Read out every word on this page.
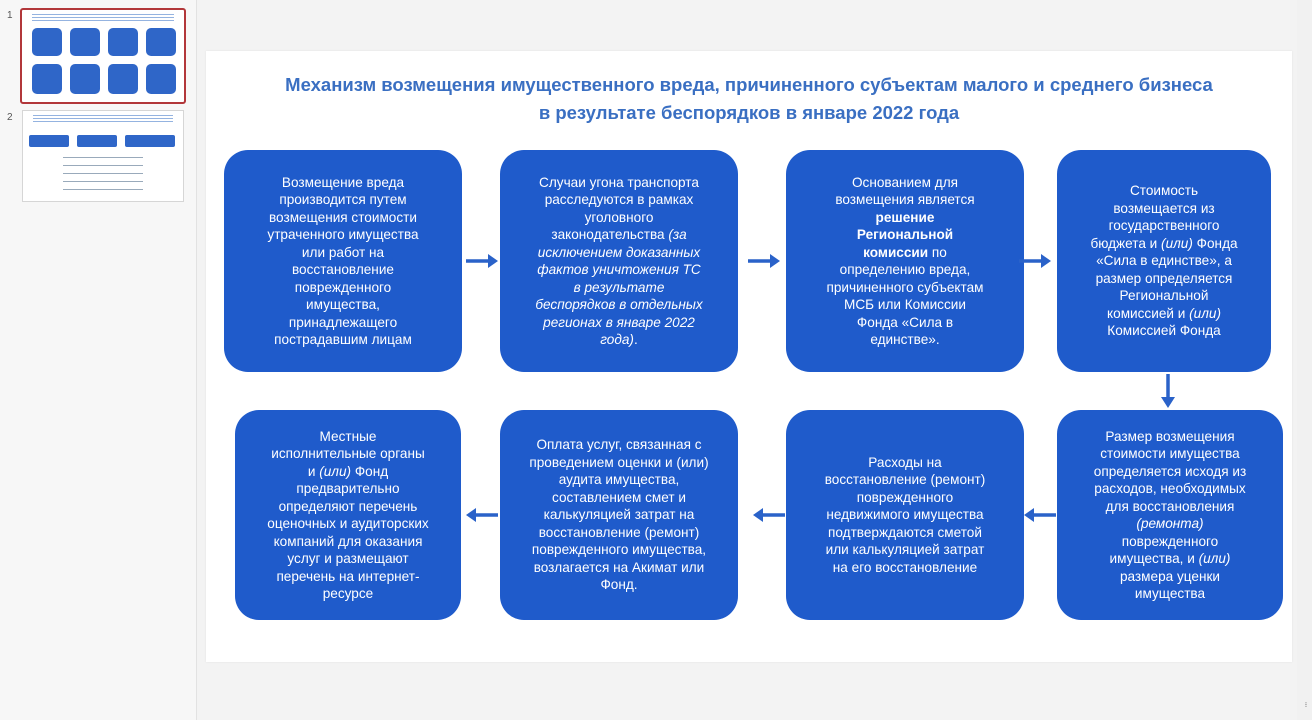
1
2
Механизм возмещения имущественного вреда, причиненного субъектам малого и среднего бизнеса
в результате беспорядков в январе 2022 года
Возмещение вреда
производится путем
возмещения стоимости
утраченного имущества
или работ на
восстановление
поврежденного
имущества,
принадлежащего
пострадавшим лицам
Случаи угона транспорта
расследуются в рамках
уголовного
законодательства (за
исключением доказанных
фактов уничтожения ТС
в результате
беспорядков в отдельных
регионах в январе 2022
года).
Основанием для
возмещения является
решение
Региональной
комиссии по
определению вреда,
причиненного субъектам
МСБ или Комиссии
Фонда «Сила в
единстве».
Стоимость
возмещается из
государственного
бюджета и (или) Фонда
«Сила в единстве», а
размер определяется
Региональной
комиссией и (или)
Комиссией Фонда
Размер возмещения
стоимости имущества
определяется исходя из
расходов, необходимых
для восстановления
(ремонта)
поврежденного
имущества, и (или)
размера уценки
имущества
Расходы на
восстановление (ремонт)
поврежденного
недвижимого имущества
подтверждаются сметой
или калькуляцией затрат
на его восстановление
Оплата услуг, связанная с
проведением оценки и (или)
аудита имущества,
составлением смет и
калькуляцией затрат на
восстановление (ремонт)
поврежденного имущества,
возлагается на Акимат или
Фонд.
Местные
исполнительные органы
и (или) Фонд
предварительно
определяют перечень
оценочных и аудиторских
компаний для оказания
услуг и размещают
перечень на интернет-
ресурсе
⁝
